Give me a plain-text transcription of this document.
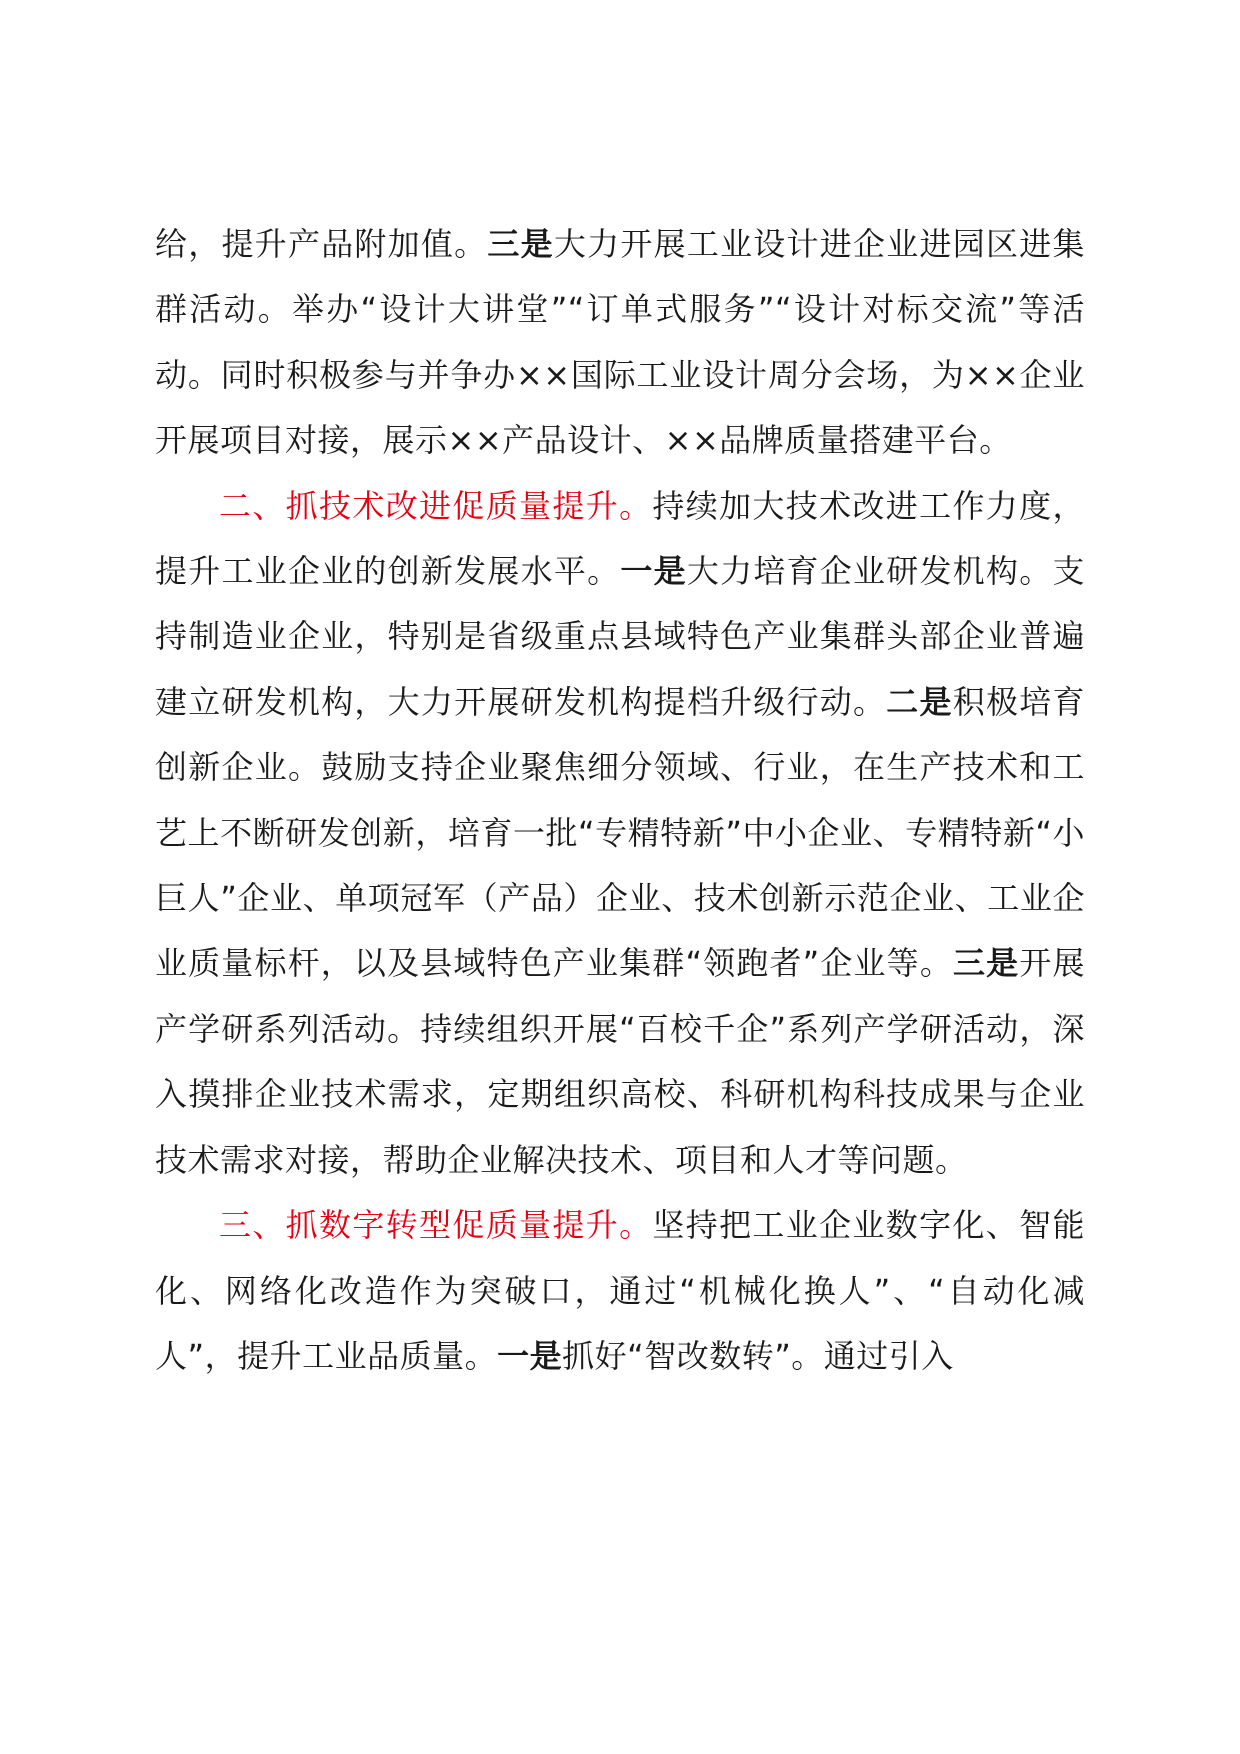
给，提升产品附加值。三是大力开展工业设计进企业进园区进集群活动。举办“设计大讲堂”“订单式服务”“设计对标交流”等活动。同时积极参与并争办××国际工业设计周分会场，为××企业开展项目对接，展示××产品设计、××品牌质量搭建平台。

二、抓技术改进促质量提升。持续加大技术改进工作力度，提升工业企业的创新发展水平。一是大力培育企业研发机构。支持制造业企业，特别是省级重点县域特色产业集群头部企业普遍建立研发机构，大力开展研发机构提档升级行动。二是积极培育创新企业。鼓励支持企业聚焦细分领域、行业，在生产技术和工艺上不断研发创新，培育一批“专精特新”中小企业、专精特新“小巨人”企业、单项冠军（产品）企业、技术创新示范企业、工业企业质量标杆，以及县域特色产业集群“领跑者”企业等。三是开展产学研系列活动。持续组织开展“百校千企”系列产学研活动，深入摸排企业技术需求，定期组织高校、科研机构科技成果与企业技术需求对接，帮助企业解决技术、项目和人才等问题。

三、抓数字转型促质量提升。坚持把工业企业数字化、智能化、网络化改造作为突破口，通过“机械化换人”、“自动化减人”，提升工业品质量。一是抓好“智改数转”。通过引入
